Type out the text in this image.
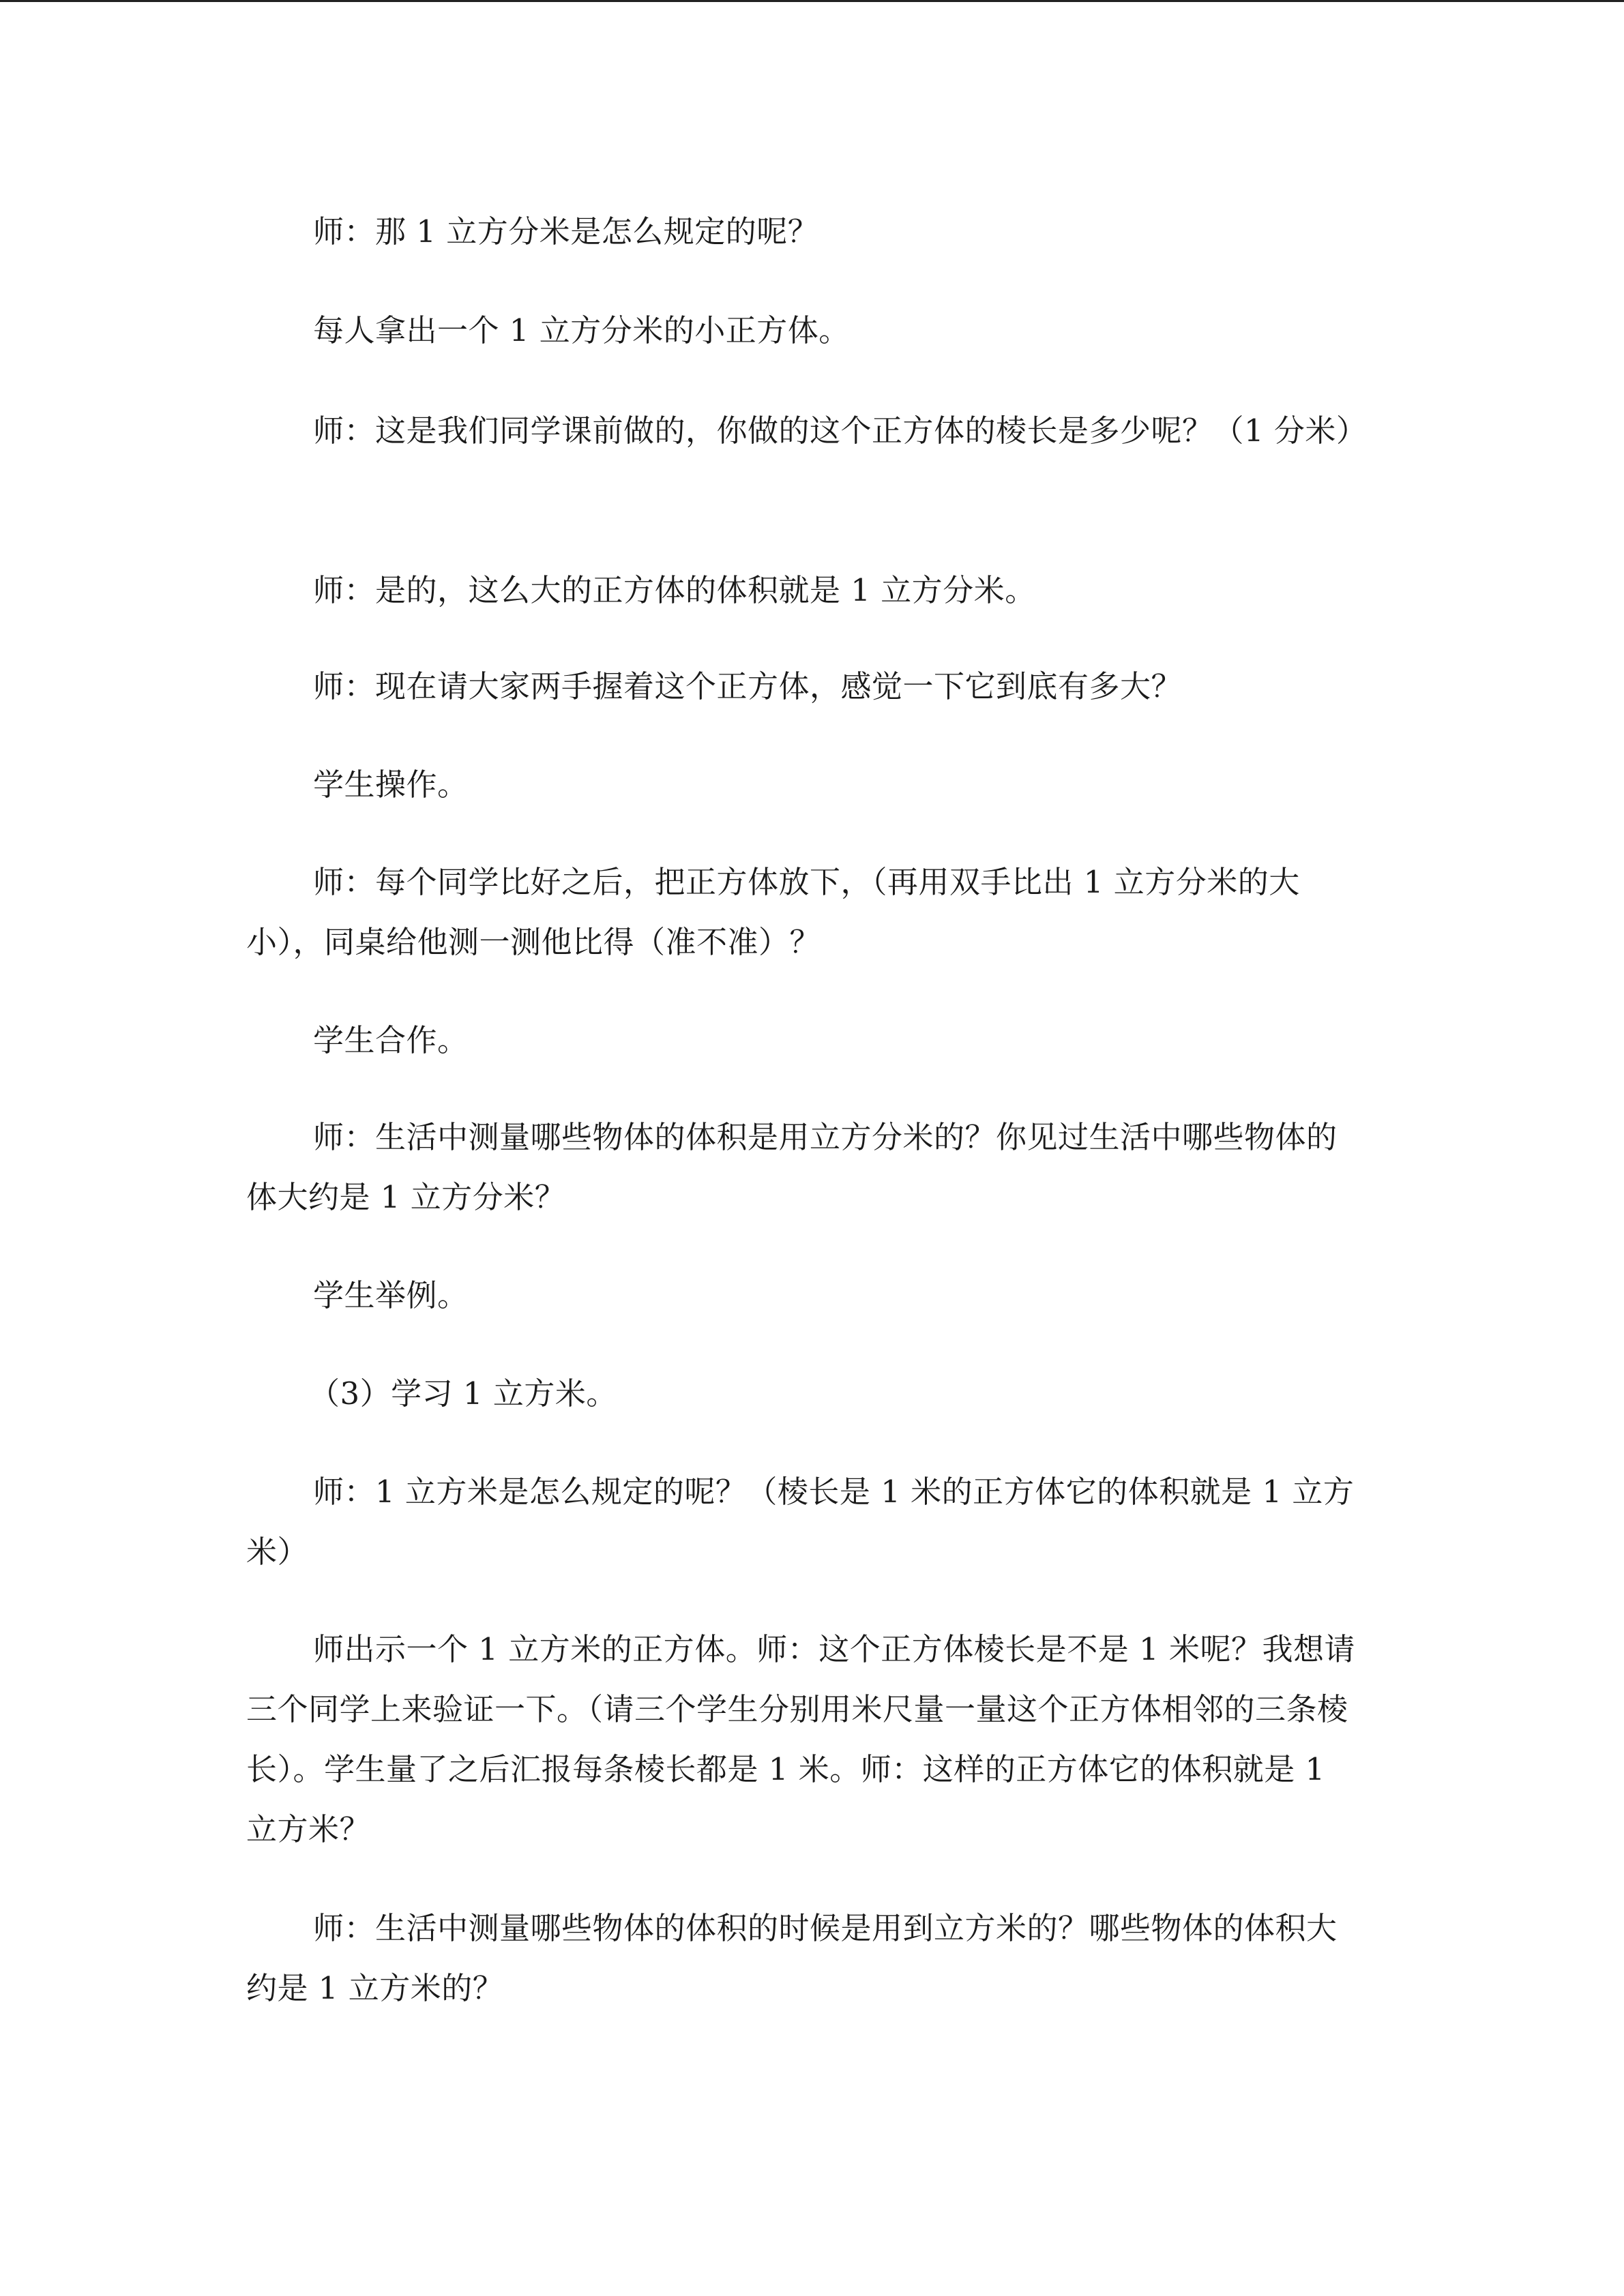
师：那 1 立方分米是怎么规定的呢？

每人拿出一个 1 立方分米的小正方体。

师：这是我们同学课前做的，你做的这个正方体的棱长是多少呢？（1 分米）

师：是的，这么大的正方体的体积就是 1 立方分米。

师：现在请大家两手握着这个正方体，感觉一下它到底有多大？

学生操作。

师：每个同学比好之后，把正方体放下，（再用双手比出 1 立方分米的大小），同桌给他测一测他比得（准不准）？

学生合作。

师：生活中测量哪些物体的体积是用立方分米的？你见过生活中哪些物体的体大约是 1 立方分米？

学生举例。

（3）学习 1 立方米。

师：1 立方米是怎么规定的呢？（棱长是 1 米的正方体它的体积就是 1 立方米）

师出示一个 1 立方米的正方体。师：这个正方体棱长是不是 1 米呢？我想请三个同学上来验证一下。（请三个学生分别用米尺量一量这个正方体相邻的三条棱长）。学生量了之后汇报每条棱长都是 1 米。师：这样的正方体它的体积就是 1 立方米？

师：生活中测量哪些物体的体积的时候是用到立方米的？哪些物体的体积大约是 1 立方米的？
